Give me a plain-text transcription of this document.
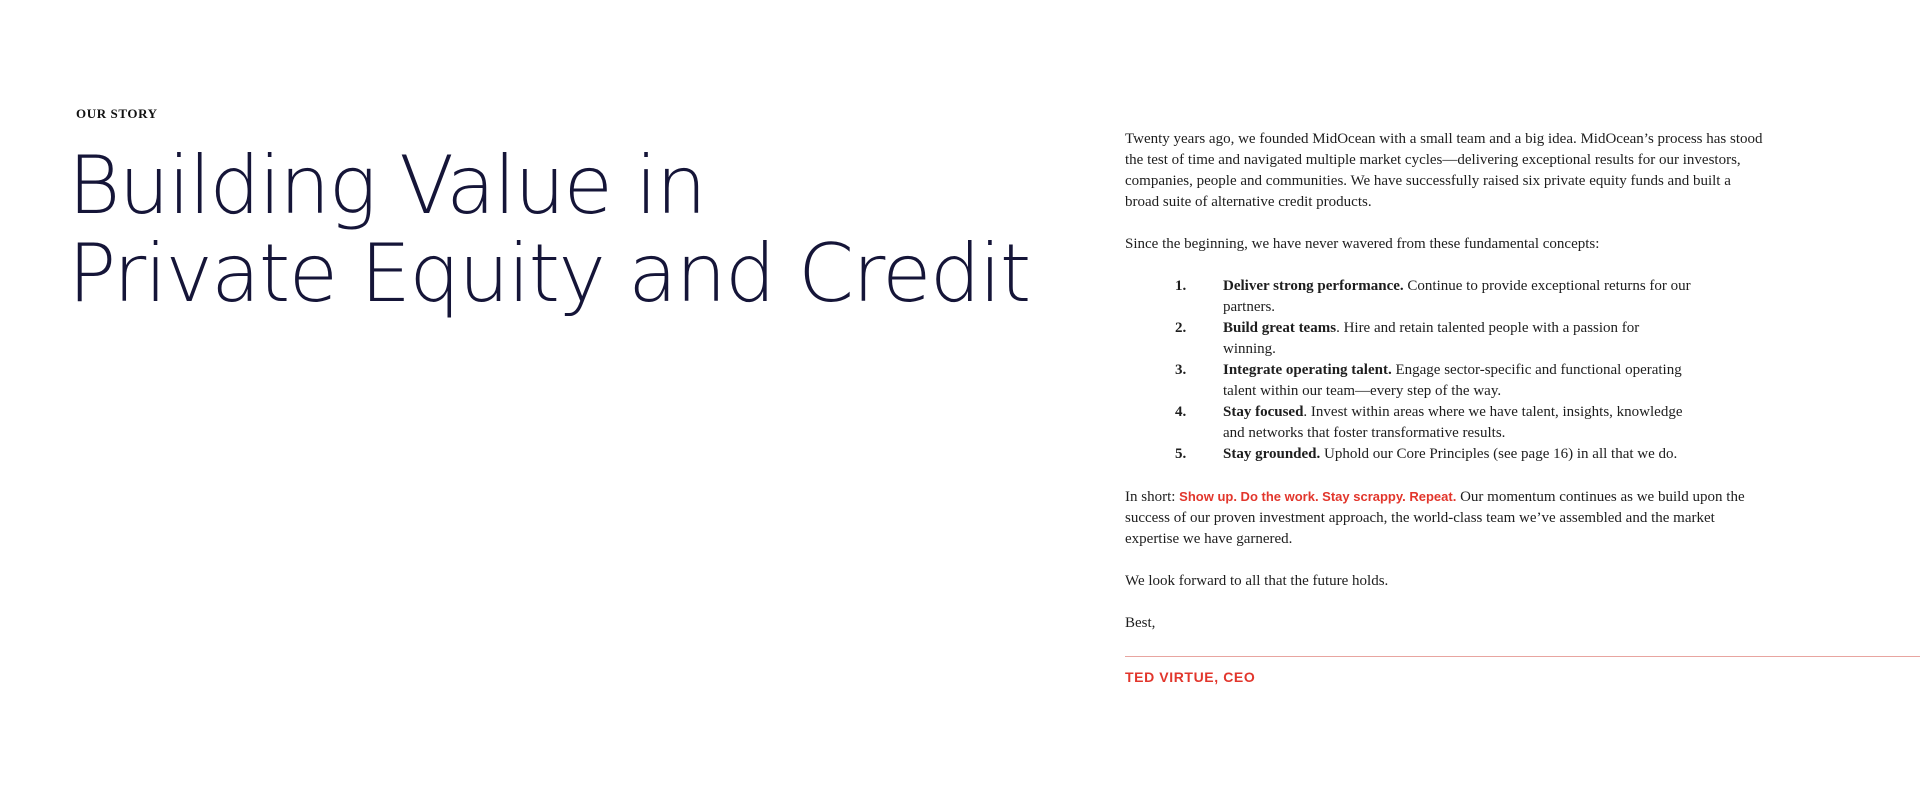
OUR STORY
Building Value in
Private Equity and Credit

Twenty years ago, we founded MidOcean with a small team and a big idea. MidOcean’s process has stood the test of time and navigated multiple market cycles—delivering exceptional results for our investors, companies, people and communities. We have successfully raised six private equity funds and built a broad suite of alternative credit products.

Since the beginning, we have never wavered from these fundamental concepts:

1. Deliver strong performance. Continue to provide exceptional returns for our partners.
2. Build great teams. Hire and retain talented people with a passion for winning.
3. Integrate operating talent. Engage sector-specific and functional operating talent within our team—every step of the way.
4. Stay focused. Invest within areas where we have talent, insights, knowledge and networks that foster transformative results.
5. Stay grounded. Uphold our Core Principles (see page 16) in all that we do.

In short: Show up. Do the work. Stay scrappy. Repeat. Our momentum continues as we build upon the success of our proven investment approach, the world-class team we’ve assembled and the market expertise we have garnered.

We look forward to all that the future holds.

Best,

TED VIRTUE, CEO
